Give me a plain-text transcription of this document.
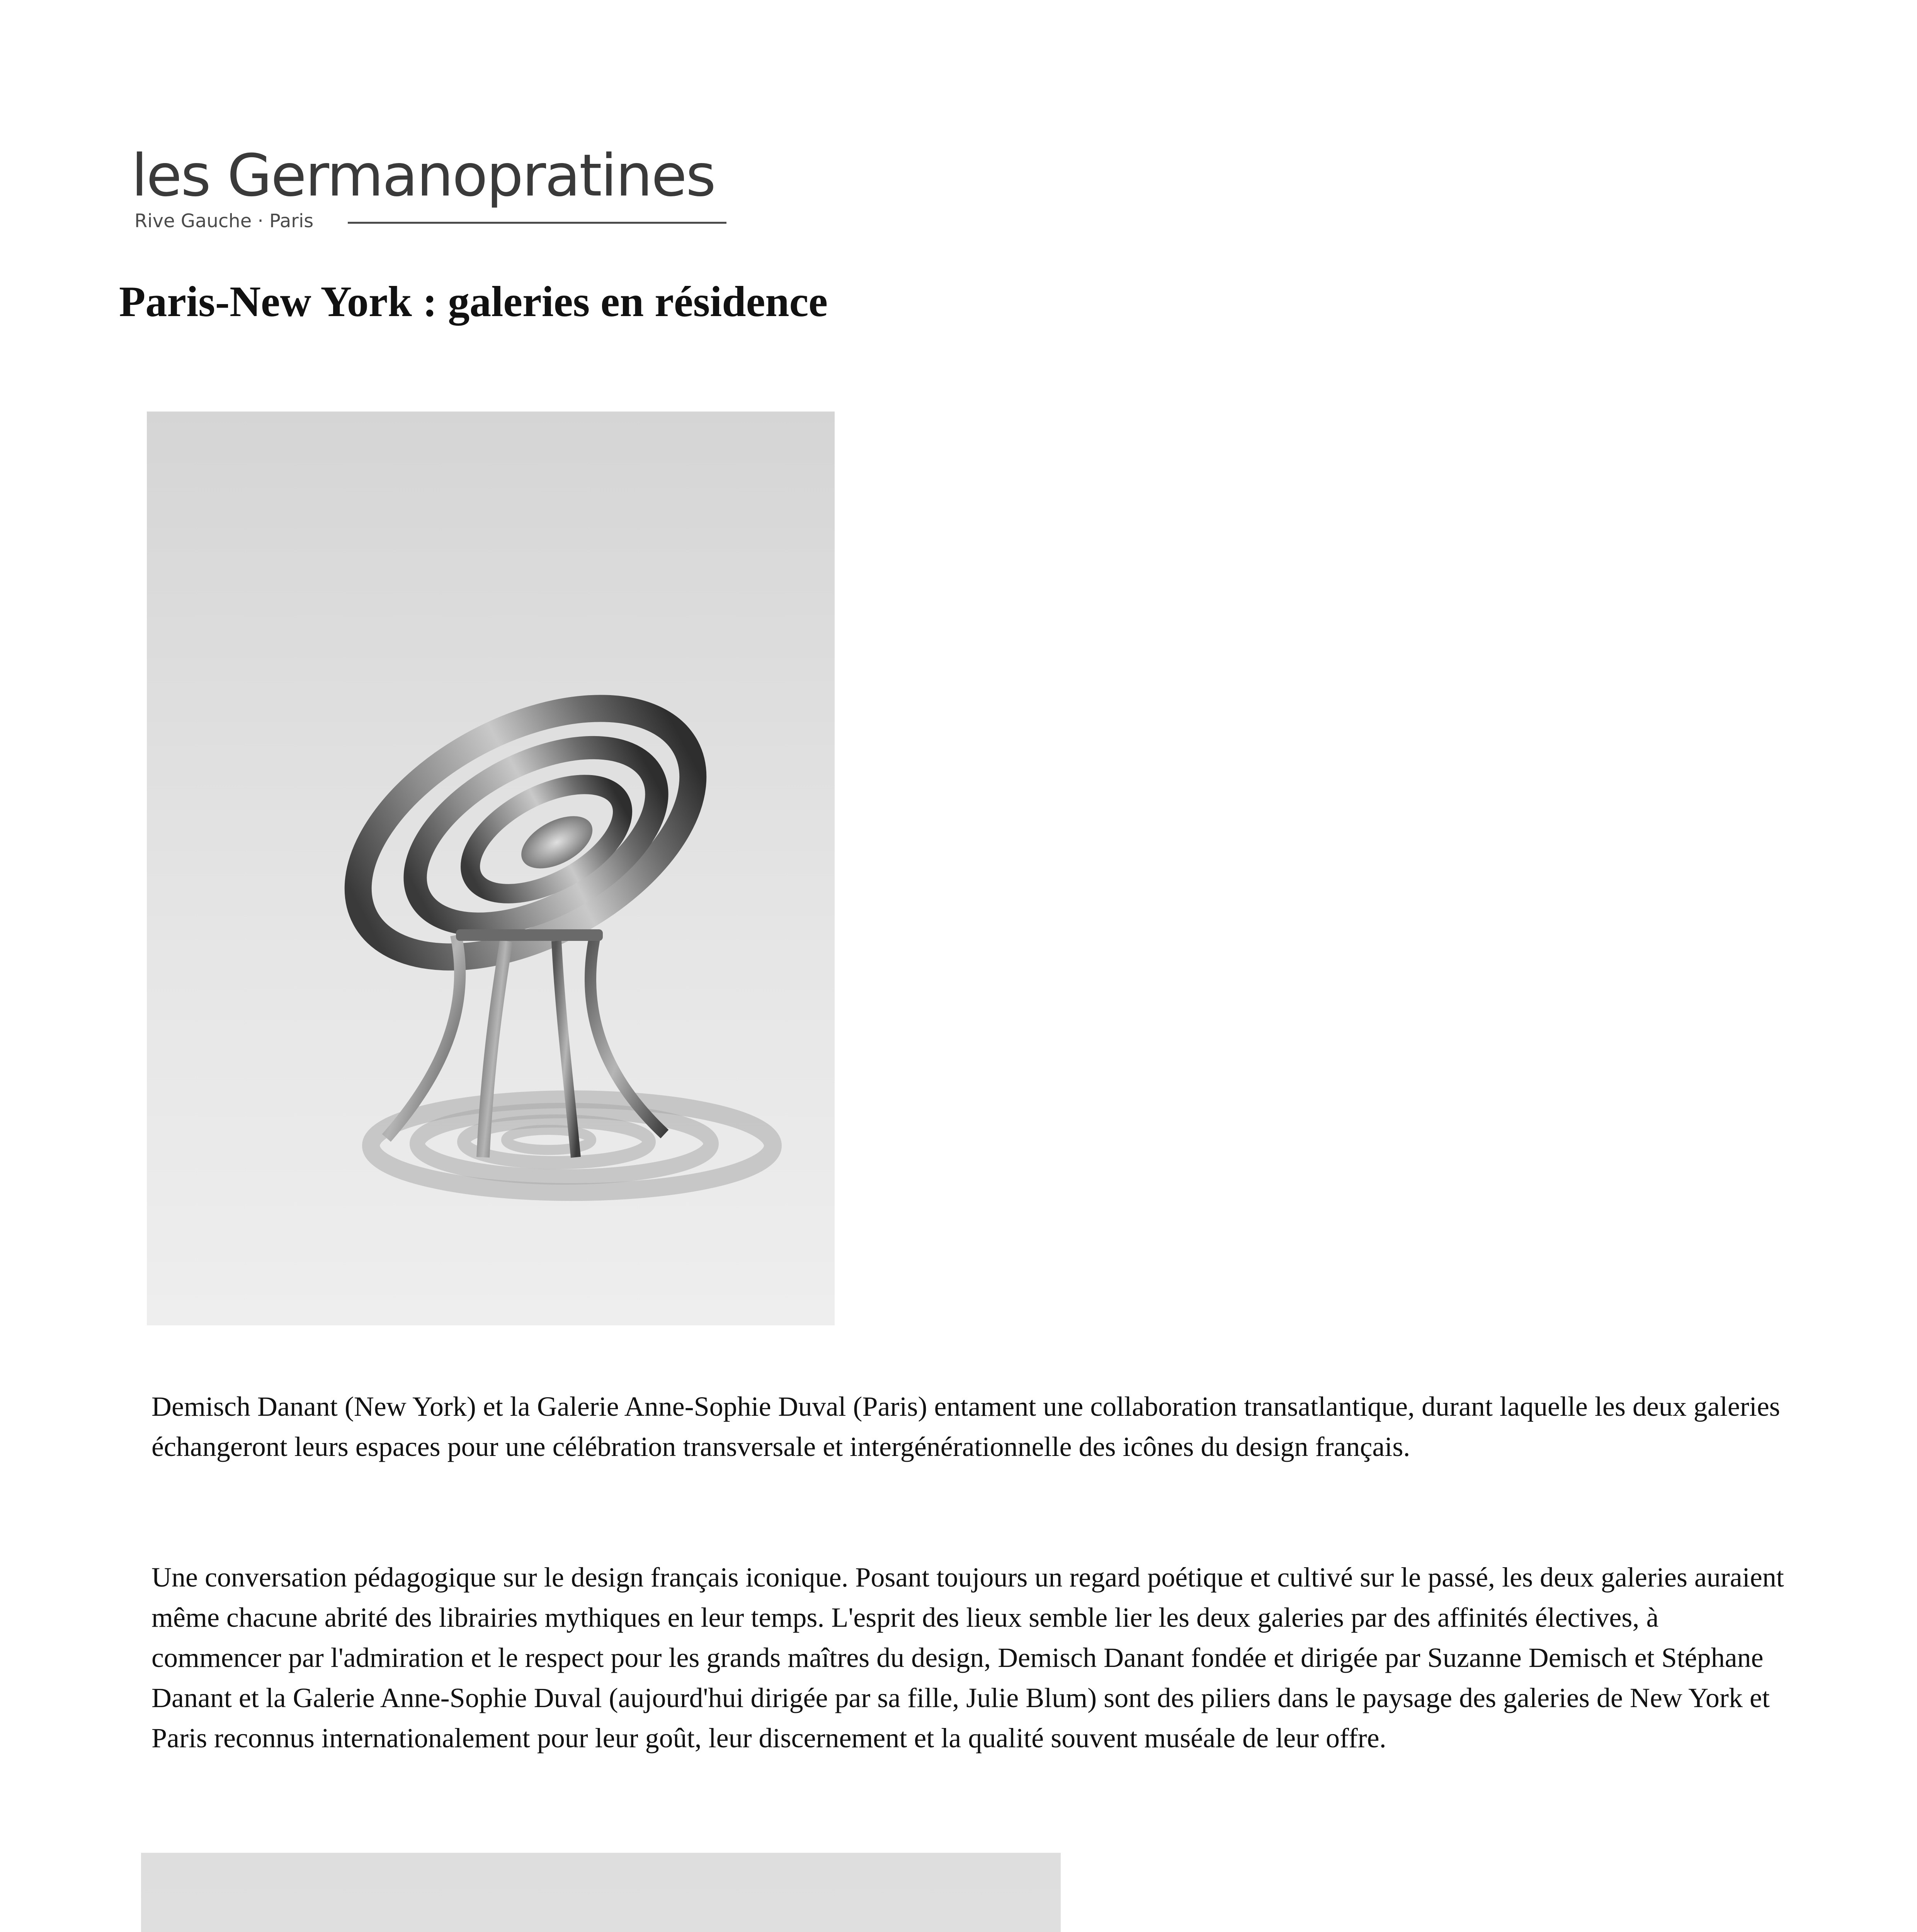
les Germanopratines
Rive Gauche · Paris
Paris-New York : galeries en résidence

Demisch Danant (New York) et la Galerie Anne-Sophie Duval (Paris) entament une collaboration transatlantique, durant laquelle les deux galeries échangeront leurs espaces pour une célébration transversale et intergénérationnelle des icônes du design français.

Une conversation pédagogique sur le design français iconique. Posant toujours un regard poétique et cultivé sur le passé, les deux galeries auraient même chacune abrité des librairies mythiques en leur temps. L'esprit des lieux semble lier les deux galeries par des affinités électives, à commencer par l'admiration et le respect pour les grands maîtres du design, Demisch Danant fondée et dirigée par Suzanne Demisch et Stéphane Danant et la Galerie Anne-Sophie Duval (aujourd'hui dirigée par sa fille, Julie Blum) sont des piliers dans le paysage des galeries de New York et Paris reconnus internationalement pour leur goût, leur discernement et la qualité souvent muséale de leur offre.
